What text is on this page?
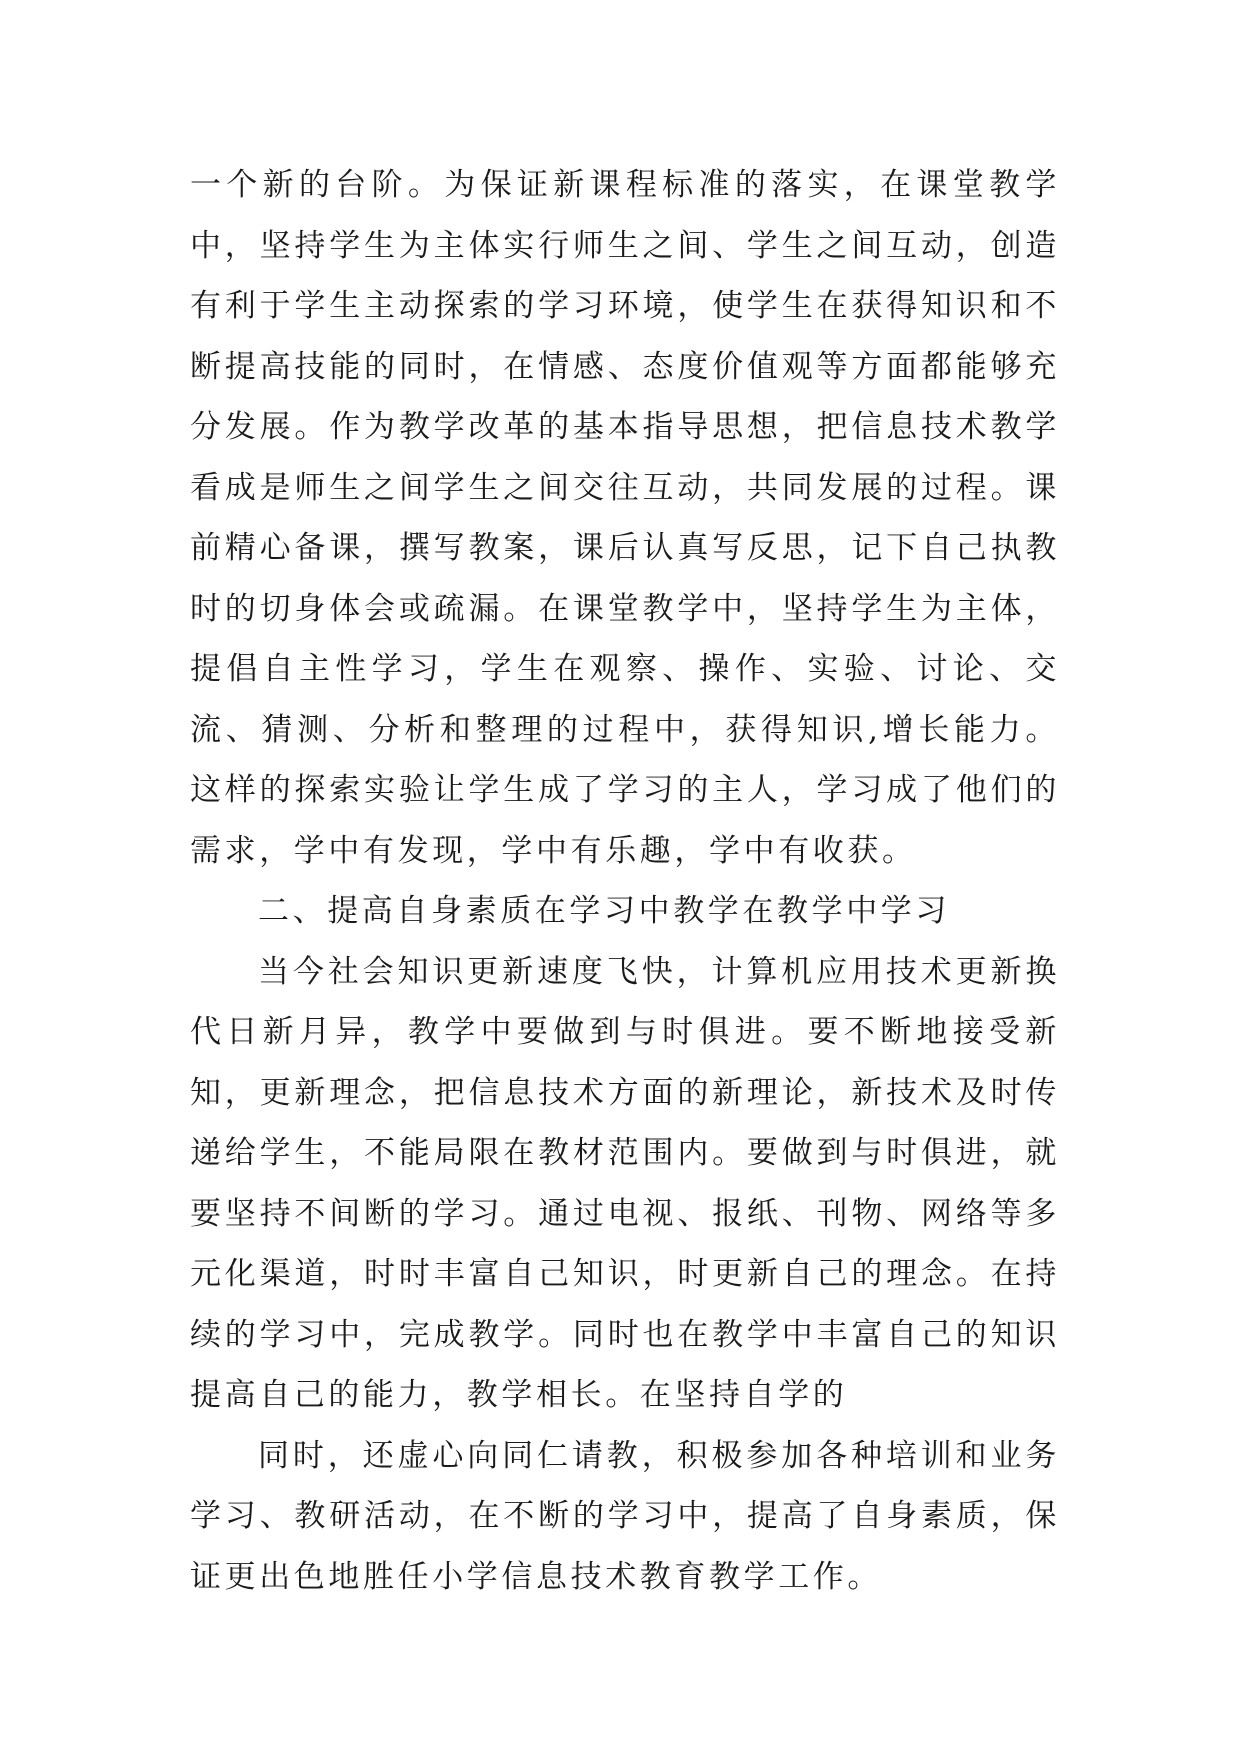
一个新的台阶。为保证新课程标准的落实，在课堂教学中，坚持学生为主体实行师生之间、学生之间互动，创造有利于学生主动探索的学习环境，使学生在获得知识和不断提高技能的同时，在情感、态度价值观等方面都能够充分发展。作为教学改革的基本指导思想，把信息技术教学看成是师生之间学生之间交往互动，共同发展的过程。课前精心备课，撰写教案，课后认真写反思，记下自己执教时的切身体会或疏漏。在课堂教学中，坚持学生为主体，提倡自主性学习，学生在观察、操作、实验、讨论、交流、猜测、分析和整理的过程中，获得知识,增长能力。这样的探索实验让学生成了学习的主人，学习成了他们的需求，学中有发现，学中有乐趣，学中有收获。

二、提高自身素质在学习中教学在教学中学习

当今社会知识更新速度飞快，计算机应用技术更新换代日新月异，教学中要做到与时俱进。要不断地接受新知，更新理念，把信息技术方面的新理论，新技术及时传递给学生，不能局限在教材范围内。要做到与时俱进，就要坚持不间断的学习。通过电视、报纸、刊物、网络等多元化渠道，时时丰富自己知识，时更新自己的理念。在持续的学习中，完成教学。同时也在教学中丰富自己的知识提高自己的能力，教学相长。在坚持自学的

同时，还虚心向同仁请教，积极参加各种培训和业务学习、教研活动，在不断的学习中，提高了自身素质，保证更出色地胜任小学信息技术教育教学工作。
